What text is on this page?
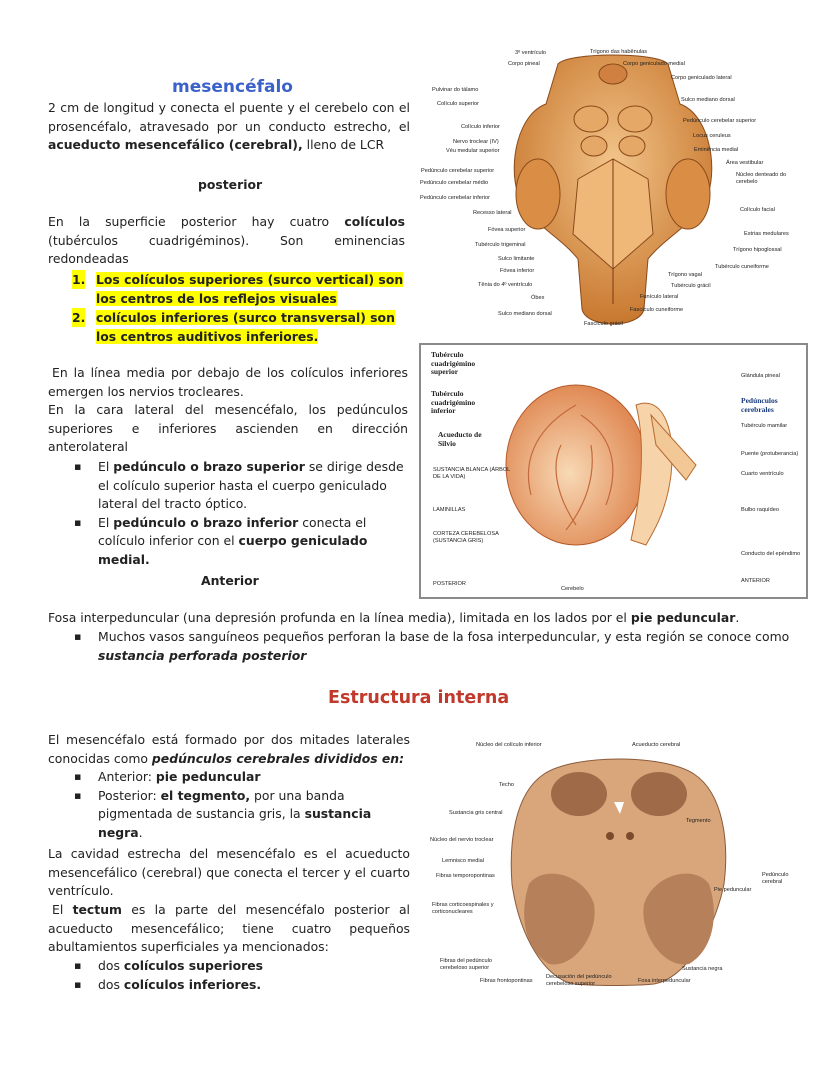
mesencéfalo
2 cm de longitud y conecta el puente y el cerebelo con el prosencéfalo, atravesado por un conducto estrecho, el acueducto mesencefálico (cerebral), lleno de LCR
posterior
En la superficie posterior hay cuatro colículos (tubérculos cuadrigéminos). Son eminencias redondeadas
1. Los colículos superiores (surco vertical) son los centros de los reflejos visuales
2. colículos inferiores (surco transversal) son los centros auditivos inferiores.
En la línea media por debajo de los colículos inferiores emergen los nervios trocleares.
En la cara lateral del mesencéfalo, los pedúnculos superiores e inferiores ascienden en dirección anterolateral
▪ El pedúnculo o brazo superior se dirige desde el colículo superior hasta el cuerpo geniculado lateral del tracto óptico.
▪ El pedúnculo o brazo inferior conecta el colículo inferior con el cuerpo geniculado medial.
Anterior
Fosa interpeduncular (una depresión profunda en la línea media), limitada en los lados por el pie peduncular.
▪ Muchos vasos sanguíneos pequeños perforan la base de la fosa interpeduncular, y esta región se conoce como sustancia perforada posterior
Estructura interna
El mesencéfalo está formado por dos mitades laterales conocidas como pedúnculos cerebrales divididos en:
▪ Anterior: pie peduncular
▪ Posterior: el tegmento, por una banda pigmentada de sustancia gris, la sustancia negra.
La cavidad estrecha del mesencéfalo es el acueducto mesencefálico (cerebral) que conecta el tercer y el cuarto ventrículo.
El tectum es la parte del mesencéfalo posterior al acueducto mesencefálico; tiene cuatro pequeños abultamientos superficiales ya mencionados:
▪ dos colículos superiores
▪ dos colículos inferiores.
3º ventrículo	Trígono das habênulas
Corpo pineal	Corpo geniculado medial
Pulvinar do tálamo
Corpo geniculado lateral
Colículo superior
Sulco mediano dorsal
Colículo inferior
Pedúnculo cerebelar superior
Nervo troclear (IV)
Locus ceruleus
Véu medular superior	Eminência medial
Área vestibular
Pedúnculo cerebelar superior
Pedúnculo cerebelar médio
Núcleo denteado do cerebelo
Pedúnculo cerebelar inferior
Colículo facial
Recesso lateral
Estrias medulares
Fóvea superior
Trígono hipoglossal
Tubérculo trigeminal
Tubérculo cuneiforme
Sulco limitante
Trígono vagal
Fóvea inferior
Tubérculo grácil
Tênia do 4º ventrículo
Funículo lateral
Óbex
Fascículo cuneiforme
Sulco mediano dorsal
Fascículo grácil
Tubérculo cuadrigémino superior
Tubérculo cuadrigémino inferior
Acueducto de Silvio
SUSTANCIA BLANCA (ÁRBOL DE LA VIDA)
LAMINILLAS
CORTEZA CEREBELOSA (SUSTANCIA GRIS)
Glándula pineal
Pedúnculos cerebrales
Tubérculo mamilar
Puente (protuberancia)
Cuarto ventrículo
Bulbo raquídeo
Conducto del epéndimo
POSTERIOR	ANTERIOR
Cerebelo
Núcleo del colículo inferior	Acueducto cerebral
Techo
Tegmento
Sustancia gris central
Núcleo del nervio troclear
Lemnisco medial
Fibras temporopontinas	Pedúnculo cerebral
Pie peduncular
Fibras corticoespinales y corticonucleares
Fibras del pedúnculo cerebeloso superior	Sustancia negra
Fibras frontopontinas
Decusación del pedúnculo cerebeloso superior	Fosa interpeduncular
